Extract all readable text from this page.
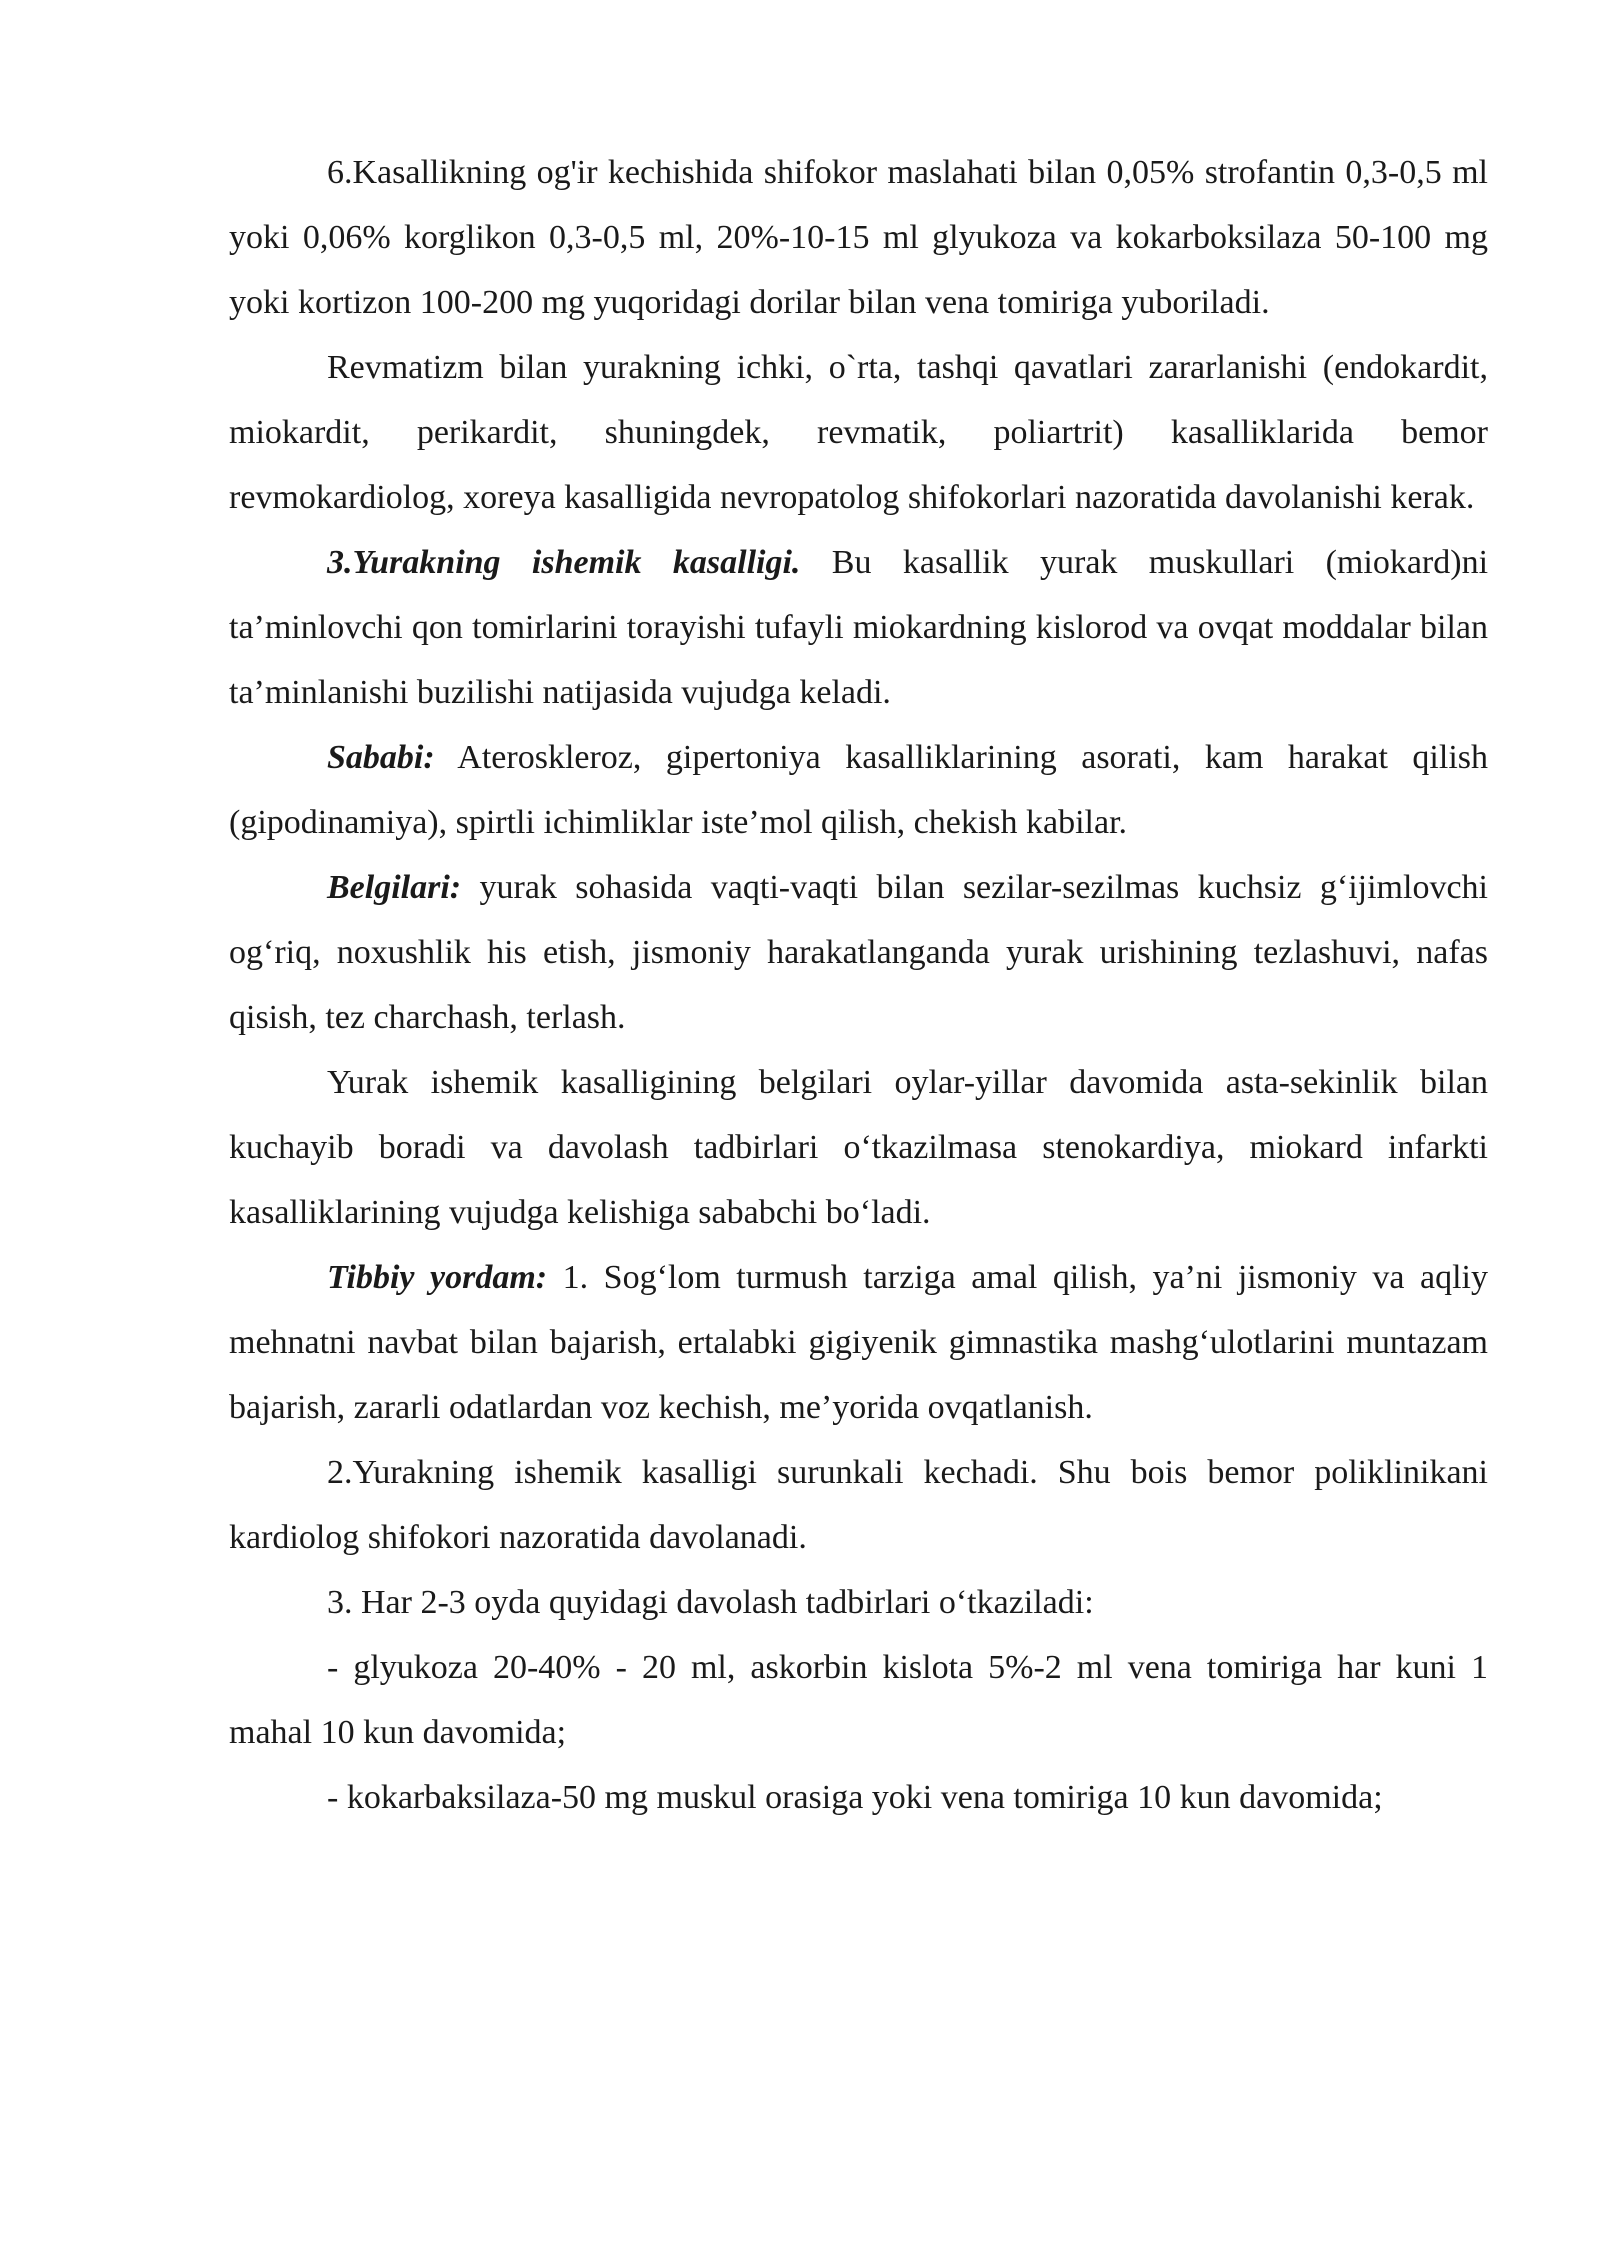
6.Kasallikning og'ir kechishida shifokor maslahati bilan 0,05% strofantin 0,3-0,5 ml yoki 0,06% korglikon 0,3-0,5 ml, 20%-10-15 ml glyukoza va kokarboksilaza 50-100 mg yoki kortizon 100-200 mg yuqoridagi dorilar bilan vena tomiriga yuboriladi.

Revmatizm bilan yurakning ichki, o`rta, tashqi qavatlari zararlanishi (endokardit, miokardit, perikardit, shuningdek, revmatik, poliartrit) kasalliklarida bemor revmokardiolog, xoreya kasalligida nevropatolog shifokorlari nazoratida davolanishi kerak.

3.Yurakning ishemik kasalligi. Bu kasallik yurak muskullari (miokard)ni ta’minlovchi qon tomirlarini torayishi tufayli miokardning kislorod va ovqat moddalar bilan ta’minlanishi buzilishi natijasida vujudga keladi.

Sababi: Ateroskleroz, gipertoniya kasalliklarining asorati, kam harakat qilish (gipodinamiya), spirtli ichimliklar iste’mol qilish, chekish kabilar.

Belgilari: yurak sohasida vaqti-vaqti bilan sezilar-sezilmas kuchsiz g‘ijimlovchi og‘riq, noxushlik his etish, jismoniy harakatlanganda yurak urishining tezlashuvi, nafas qisish, tez charchash, terlash.

Yurak ishemik kasalligining belgilari oylar-yillar davomida asta-sekinlik bilan kuchayib boradi va davolash tadbirlari o‘tkazilmasa stenokardiya, miokard infarkti kasalliklarining vujudga kelishiga sababchi bo‘ladi.

Tibbiy yordam: 1. Sog‘lom turmush tarziga amal qilish, ya’ni jismoniy va aqliy mehnatni navbat bilan bajarish, ertalabki gigiyenik gimnastika mashg‘ulotlarini muntazam bajarish, zararli odatlardan voz kechish, me’yorida ovqatlanish.

2.Yurakning ishemik kasalligi surunkali kechadi. Shu bois bemor poliklinikani kardiolog shifokori nazoratida davolanadi.

3. Har 2-3 oyda quyidagi davolash tadbirlari o‘tkaziladi:

- glyukoza 20-40% - 20 ml, askorbin kislota 5%-2 ml vena tomiriga har kuni 1 mahal 10 kun davomida;

- kokarbaksilaza-50 mg muskul orasiga yoki vena tomiriga 10 kun davomida;
